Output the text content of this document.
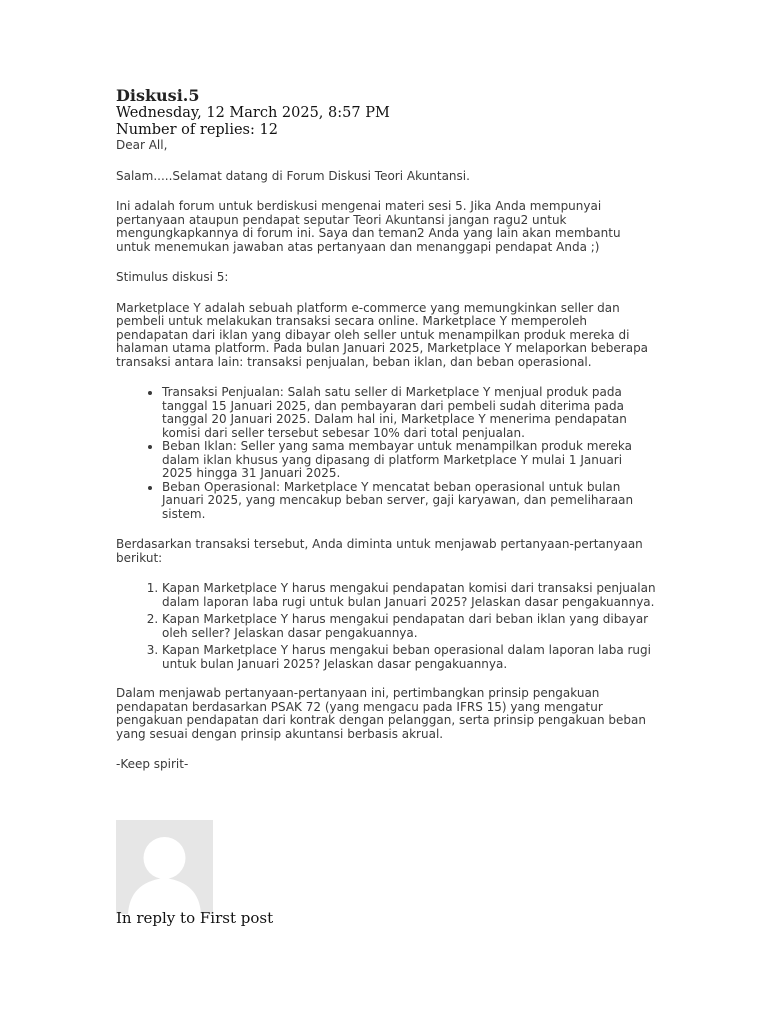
Diskusi.5
Wednesday, 12 March 2025, 8:57 PM
Number of replies: 12

Dear All,

Salam.....Selamat datang di Forum Diskusi Teori Akuntansi.

Ini adalah forum untuk berdiskusi mengenai materi sesi 5. Jika Anda mempunyai pertanyaan ataupun pendapat seputar Teori Akuntansi jangan ragu2 untuk mengungkapkannya di forum ini. Saya dan teman2 Anda yang lain akan membantu untuk menemukan jawaban atas pertanyaan dan menanggapi pendapat Anda ;)

Stimulus diskusi 5:

Marketplace Y adalah sebuah platform e-commerce yang memungkinkan seller dan pembeli untuk melakukan transaksi secara online. Marketplace Y memperoleh pendapatan dari iklan yang dibayar oleh seller untuk menampilkan produk mereka di halaman utama platform. Pada bulan Januari 2025, Marketplace Y melaporkan beberapa transaksi antara lain: transaksi penjualan, beban iklan, dan beban operasional.

• Transaksi Penjualan: Salah satu seller di Marketplace Y menjual produk pada tanggal 15 Januari 2025, dan pembayaran dari pembeli sudah diterima pada tanggal 20 Januari 2025. Dalam hal ini, Marketplace Y menerima pendapatan komisi dari seller tersebut sebesar 10% dari total penjualan.
• Beban Iklan: Seller yang sama membayar untuk menampilkan produk mereka dalam iklan khusus yang dipasang di platform Marketplace Y mulai 1 Januari 2025 hingga 31 Januari 2025.
• Beban Operasional: Marketplace Y mencatat beban operasional untuk bulan Januari 2025, yang mencakup beban server, gaji karyawan, dan pemeliharaan sistem.

Berdasarkan transaksi tersebut, Anda diminta untuk menjawab pertanyaan-pertanyaan berikut:

1. Kapan Marketplace Y harus mengakui pendapatan komisi dari transaksi penjualan dalam laporan laba rugi untuk bulan Januari 2025? Jelaskan dasar pengakuannya.
2. Kapan Marketplace Y harus mengakui pendapatan dari beban iklan yang dibayar oleh seller? Jelaskan dasar pengakuannya.
3. Kapan Marketplace Y harus mengakui beban operasional dalam laporan laba rugi untuk bulan Januari 2025? Jelaskan dasar pengakuannya.

Dalam menjawab pertanyaan-pertanyaan ini, pertimbangkan prinsip pengakuan pendapatan berdasarkan PSAK 72 (yang mengacu pada IFRS 15) yang mengatur pengakuan pendapatan dari kontrak dengan pelanggan, serta prinsip pengakuan beban yang sesuai dengan prinsip akuntansi berbasis akrual.

-Keep spirit-

In reply to First post
